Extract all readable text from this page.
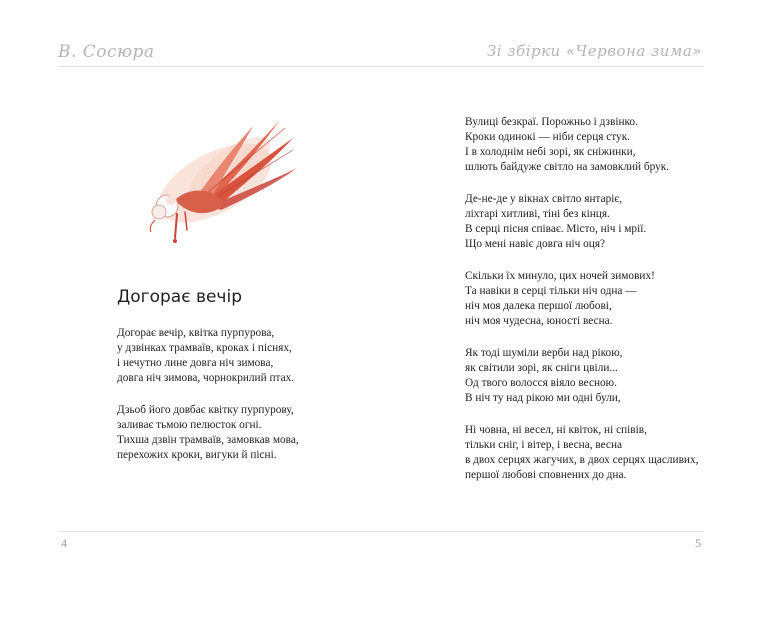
В. Сосюра	Зі збірки «Червона зима»
Догорає вечір
Догорає вечір, квітка пурпурова,
у дзвінках трамваїв, кроках і піснях,
і нечутно лине довга ніч зимова,
довга ніч зимова, чорнокрилий птах.
Дзьоб його довбає квітку пурпурову,
заливає тьмою пелюсток огні.
Тихша дзвін трамваїв, замовкав мова,
перехожих кроки, вигуки й пісні.
Вулиці безкраї. Порожньо і дзвінко.
Кроки одинокі — ніби серця стук.
І в холоднім небі зорі, як сніжинки,
шлють байдуже світло на замовклий брук.
Де-не-де у вікнах світло янтаріє,
ліхтарі хитливі, тіні без кінця.
В серці пісня співає. Місто, ніч і мрії.
Що мені навіє довга ніч оця?
Скільки їх минуло, цих ночей зимових!
Та навіки в серці тільки ніч одна —
ніч моя далека першої любові,
ніч моя чудесна, юності весна.
Як тоді шуміли верби над рікою,
як світили зорі, як сніги цвіли...
Од твого волосся віяло весною.
В ніч ту над рікою ми одні були,
Ні човна, ні весел, ні квіток, ні співів,
тільки сніг, і вітер, і весна, весна
в двох серцях жагучих, в двох серцях щасливих,
першої любові сповнених до дна.
4	5
